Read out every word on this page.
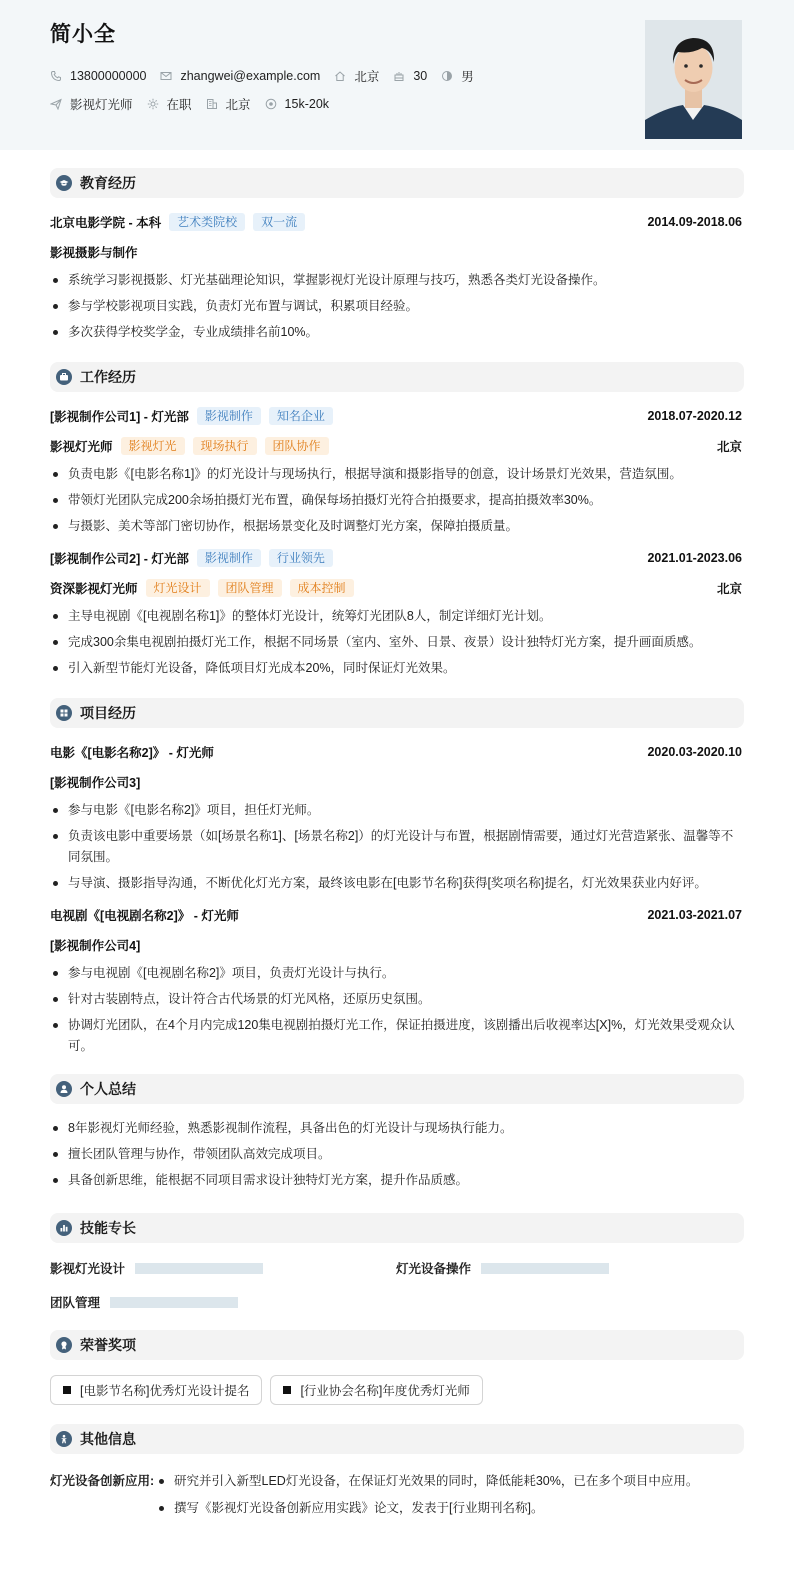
简小全
13800000000	zhangwei@example.com	北京	30	男
影视灯光师	在职	北京	15k-20k
教育经历
北京电影学院 - 本科	艺术类院校	双一流	2014.09-2018.06
影视摄影与制作
系统学习影视摄影、灯光基础理论知识，掌握影视灯光设计原理与技巧，熟悉各类灯光设备操作。
参与学校影视项目实践，负责灯光布置与调试，积累项目经验。
多次获得学校奖学金，专业成绩排名前10%。
工作经历
[影视制作公司1] - 灯光部	影视制作	知名企业	2018.07-2020.12
影视灯光师	影视灯光	现场执行	团队协作	北京
负责电影《[电影名称1]》的灯光设计与现场执行，根据导演和摄影指导的创意，设计场景灯光效果，营造氛围。
带领灯光团队完成200余场拍摄灯光布置，确保每场拍摄灯光符合拍摄要求，提高拍摄效率30%。
与摄影、美术等部门密切协作，根据场景变化及时调整灯光方案，保障拍摄质量。
[影视制作公司2] - 灯光部	影视制作	行业领先	2021.01-2023.06
资深影视灯光师	灯光设计	团队管理	成本控制	北京
主导电视剧《[电视剧名称1]》的整体灯光设计，统筹灯光团队8人，制定详细灯光计划。
完成300余集电视剧拍摄灯光工作，根据不同场景（室内、室外、日景、夜景）设计独特灯光方案，提升画面质感。
引入新型节能灯光设备，降低项目灯光成本20%，同时保证灯光效果。
项目经历
电影《[电影名称2]》 - 灯光师	2020.03-2020.10
[影视制作公司3]
参与电影《[电影名称2]》项目，担任灯光师。
负责该电影中重要场景（如[场景名称1]、[场景名称2]）的灯光设计与布置，根据剧情需要，通过灯光营造紧张、温馨等不同氛围。
与导演、摄影指导沟通，不断优化灯光方案，最终该电影在[电影节名称]获得[奖项名称]提名，灯光效果获业内好评。
电视剧《[电视剧名称2]》 - 灯光师	2021.03-2021.07
[影视制作公司4]
参与电视剧《[电视剧名称2]》项目，负责灯光设计与执行。
针对古装剧特点，设计符合古代场景的灯光风格，还原历史氛围。
协调灯光团队，在4个月内完成120集电视剧拍摄灯光工作，保证拍摄进度，该剧播出后收视率达[X]%，灯光效果受观众认可。
个人总结
8年影视灯光师经验，熟悉影视制作流程，具备出色的灯光设计与现场执行能力。
擅长团队管理与协作，带领团队高效完成项目。
具备创新思维，能根据不同项目需求设计独特灯光方案，提升作品质感。
技能专长
影视灯光设计	灯光设备操作
团队管理
荣誉奖项
[电影节名称]优秀灯光设计提名	[行业协会名称]年度优秀灯光师
其他信息
灯光设备创新应用:	研究并引入新型LED灯光设备，在保证灯光效果的同时，降低能耗30%，已在多个项目中应用。
撰写《影视灯光设备创新应用实践》论文，发表于[行业期刊名称]。
